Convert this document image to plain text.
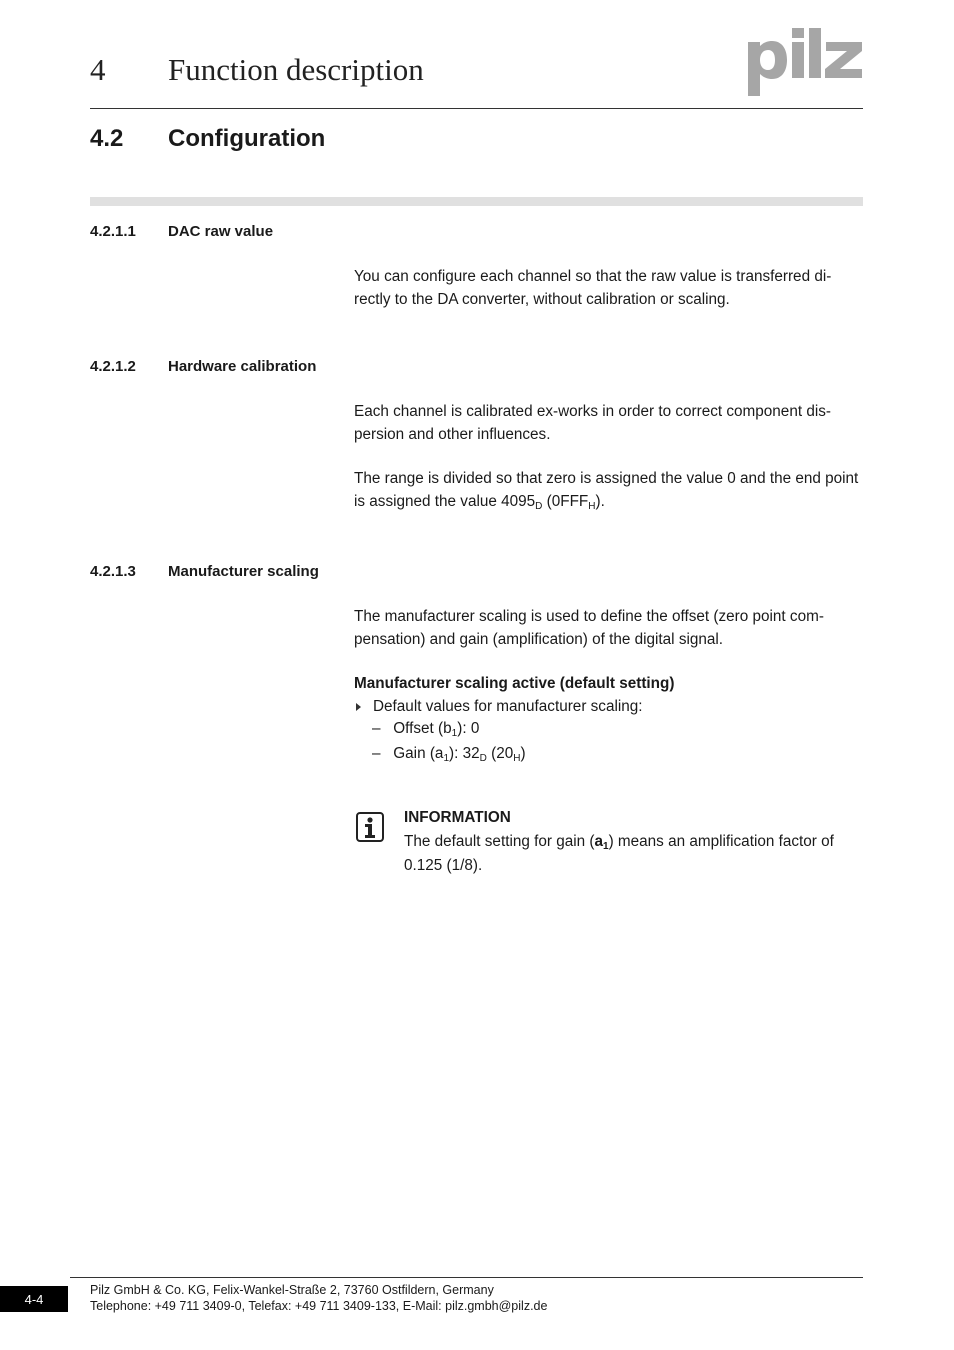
4 Function description
4.2 Configuration
4.2.1.1 DAC raw value

You can configure each channel so that the raw value is transferred di-rectly to the DA converter, without calibration or scaling.

4.2.1.2 Hardware calibration

Each channel is calibrated ex-works in order to correct component dis-persion and other influences.

The range is divided so that zero is assigned the value 0 and the end point is assigned the value $4095_D$ $(0FFF_H)$.

4.2.1.3 Manufacturer scaling

The manufacturer scaling is used to define the offset (zero point com-pensation) and gain (amplification) of the digital signal.

Manufacturer scaling active (default setting)
Default values for manufacturer scaling:
–   Offset $(b_1)$: 0
–   Gain $(a_1)$: $32_D$ $(20_H)$
INFORMATION

The default setting for gain $(a_1)$ means an amplification factor of 0.125 (1/8).

4-4
Pilz GmbH & Co. KG, Felix-Wankel-Straße 2, 73760 Ostfildern, Germany
Telephone: +49 711 3409-0, Telefax: +49 711 3409-133, E-Mail: pilz.gmbh@pilz.de
